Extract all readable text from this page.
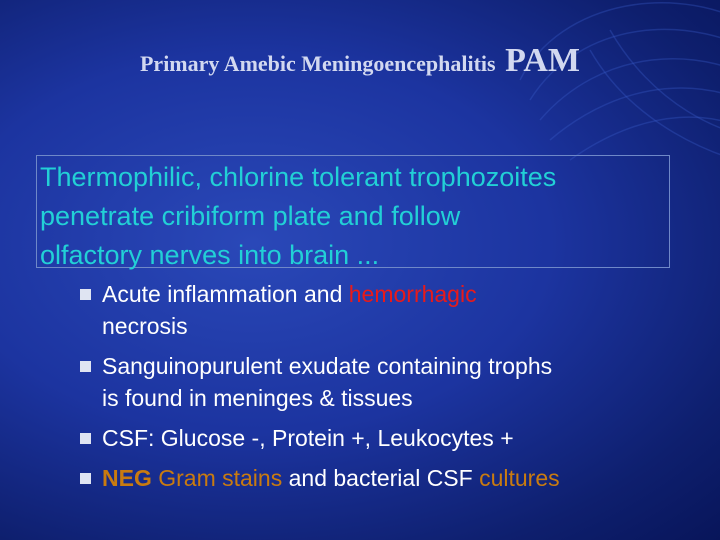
Primary Amebic Meningoencephalitis PAM
Thermophilic, chlorine tolerant trophozoites
penetrate cribiform plate and follow
olfactory nerves into brain ...
Acute inflammation and hemorrhagic
necrosis
Sanguinopurulent exudate containing trophs
is found in meninges & tissues
CSF: Glucose -, Protein +, Leukocytes +
NEG Gram stains and bacterial CSF cultures
